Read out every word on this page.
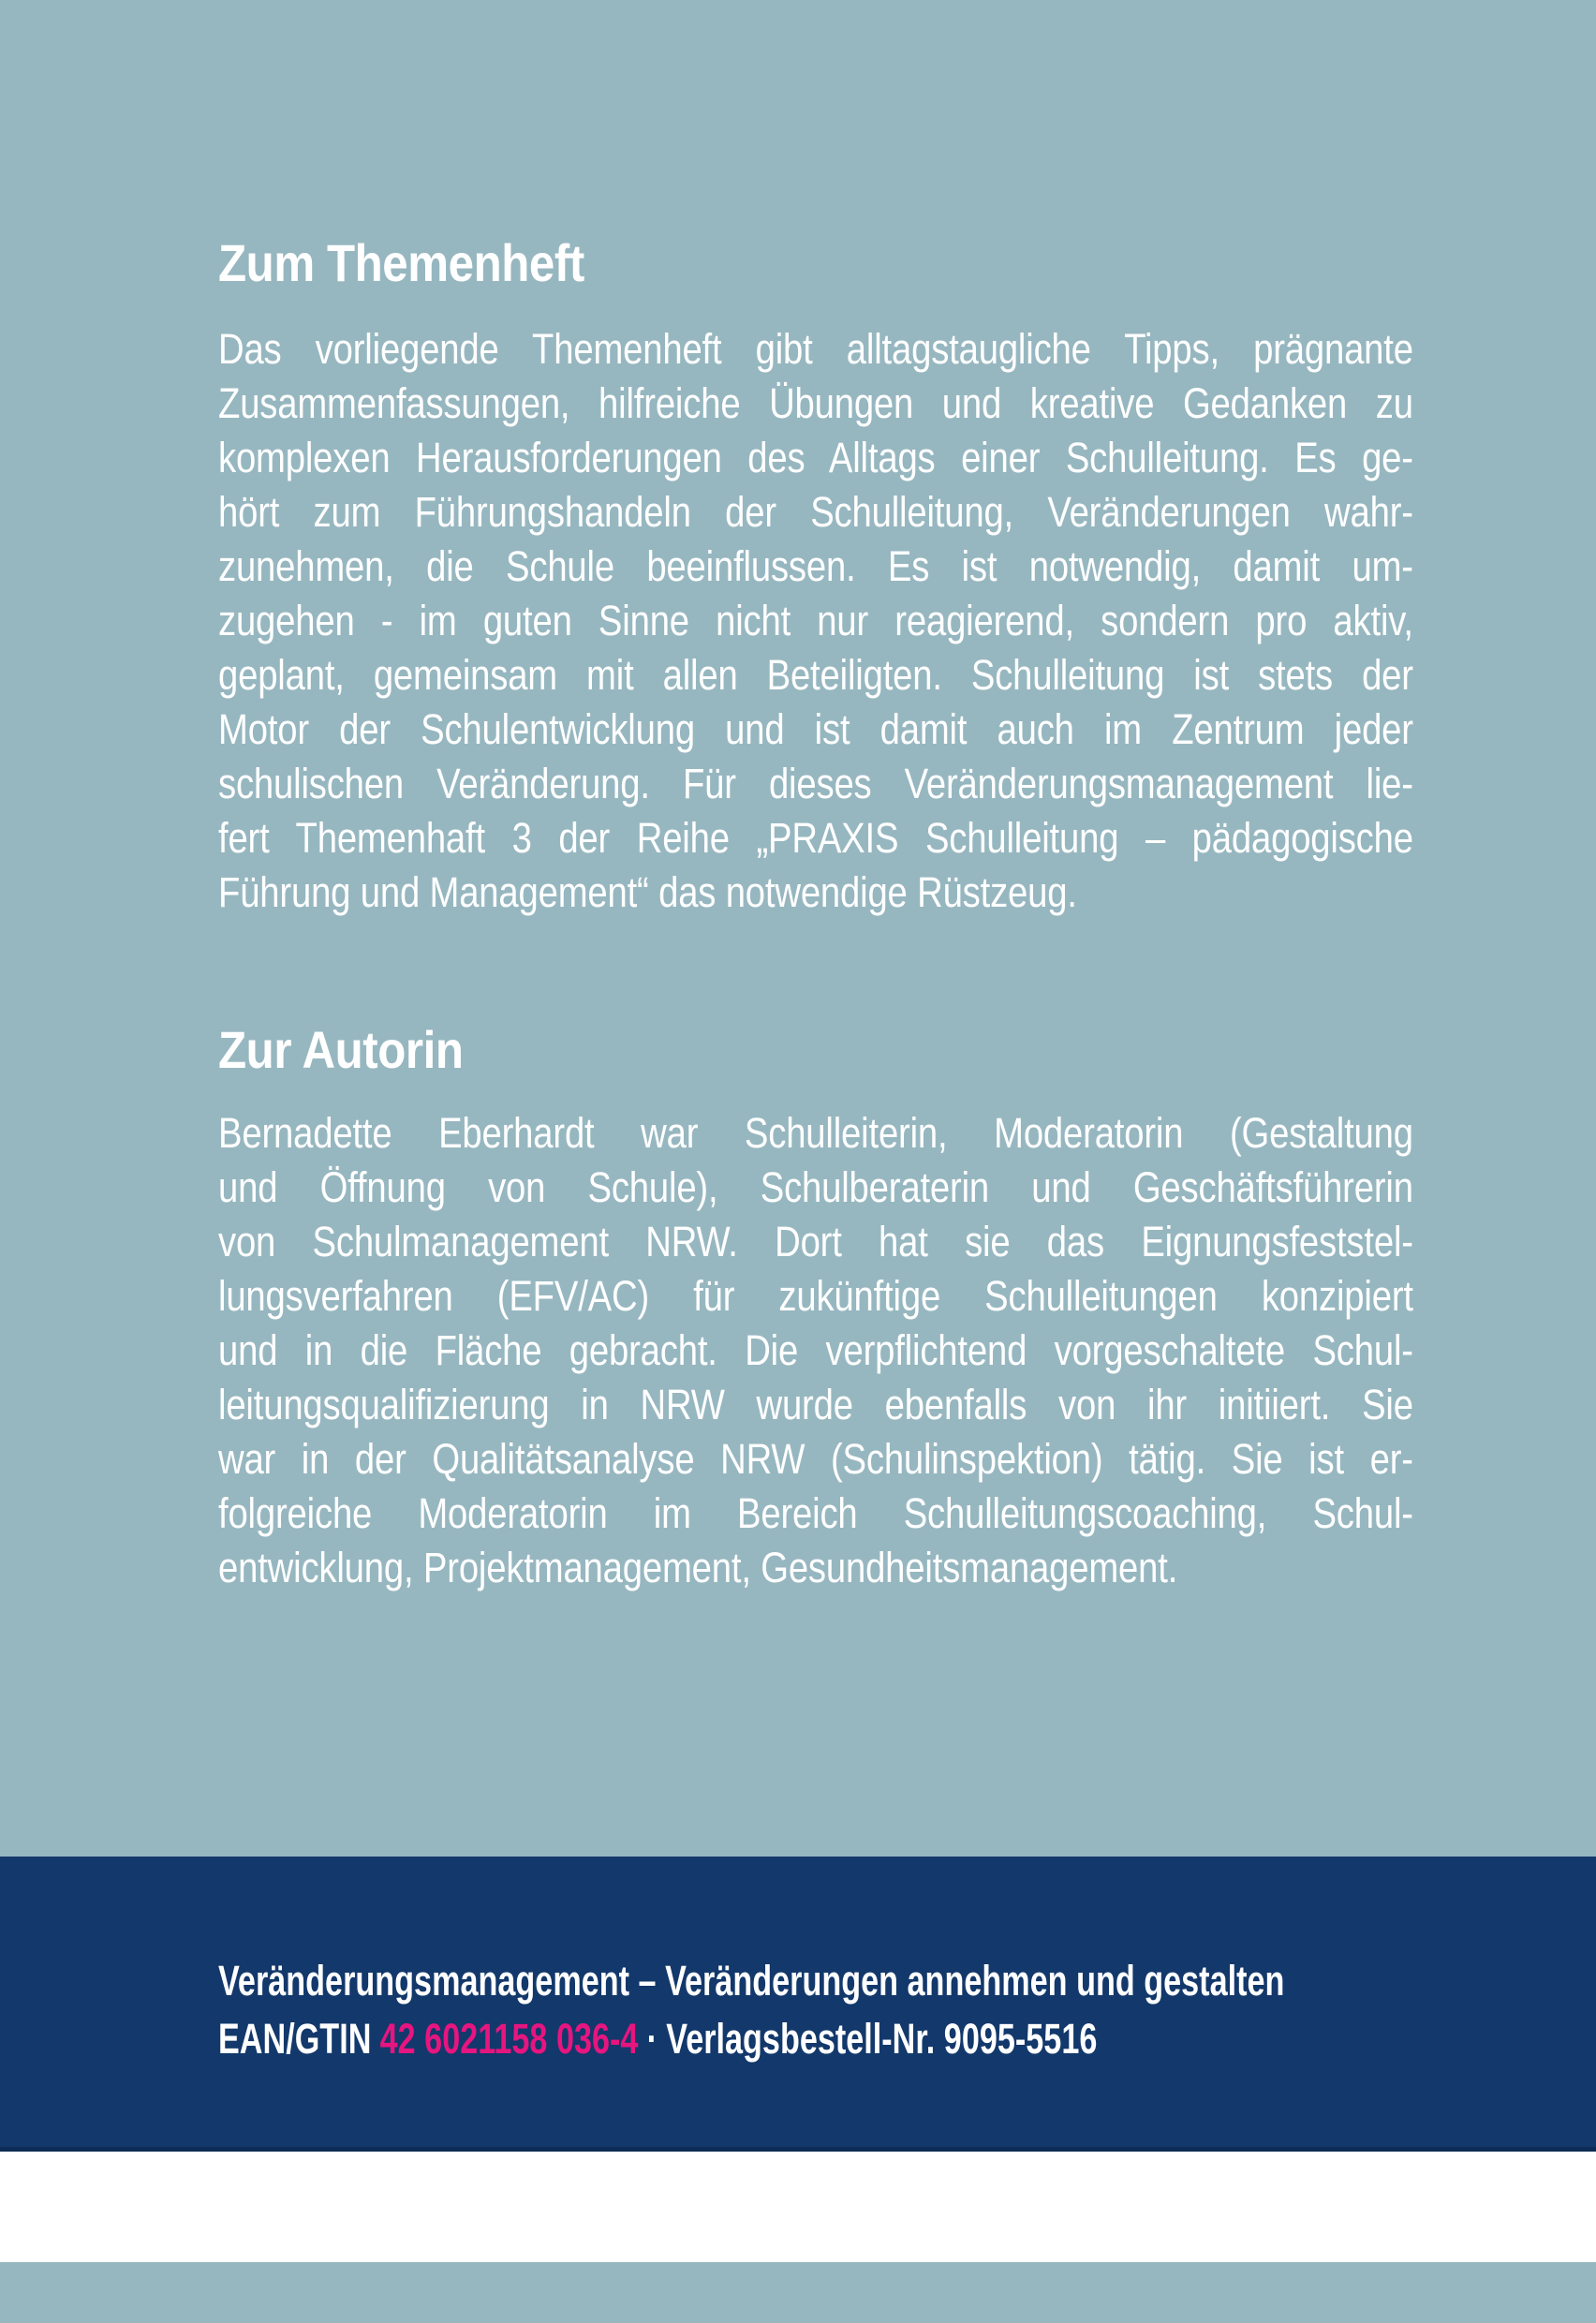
Zum Themenheft
Das vorliegende Themenheft gibt alltagstaugliche Tipps, prägnante
Zusammenfassungen, hilfreiche Übungen und kreative Gedanken zu
komplexen Herausforderungen des Alltags einer Schulleitung. Es ge-
hört zum Führungshandeln der Schulleitung, Veränderungen wahr-
zunehmen, die Schule beeinflussen. Es ist notwendig, damit um-
zugehen - im guten Sinne nicht nur reagierend, sondern pro aktiv,
geplant, gemeinsam mit allen Beteiligten. Schulleitung ist stets der
Motor der Schulentwicklung und ist damit auch im Zentrum jeder
schulischen Veränderung. Für dieses Veränderungsmanagement lie-
fert Themenhaft 3 der Reihe „PRAXIS Schulleitung – pädagogische
Führung und Management“ das notwendige Rüstzeug.
Zur Autorin
Bernadette Eberhardt war Schulleiterin, Moderatorin (Gestaltung
und Öffnung von Schule), Schulberaterin und Geschäftsführerin
von Schulmanagement NRW. Dort hat sie das Eignungsfeststel-
lungsverfahren (EFV/AC) für zukünftige Schulleitungen konzipiert
und in die Fläche gebracht. Die verpflichtend vorgeschaltete Schul-
leitungsqualifizierung in NRW wurde ebenfalls von ihr initiiert. Sie
war in der Qualitätsanalyse NRW (Schulinspektion) tätig. Sie ist er-
folgreiche Moderatorin im Bereich Schulleitungscoaching, Schul-
entwicklung, Projektmanagement, Gesundheitsmanagement.
Veränderungsmanagement – Veränderungen annehmen und gestalten
EAN/GTIN 42 6021158 036-4 · Verlagsbestell-Nr. 9095-5516
